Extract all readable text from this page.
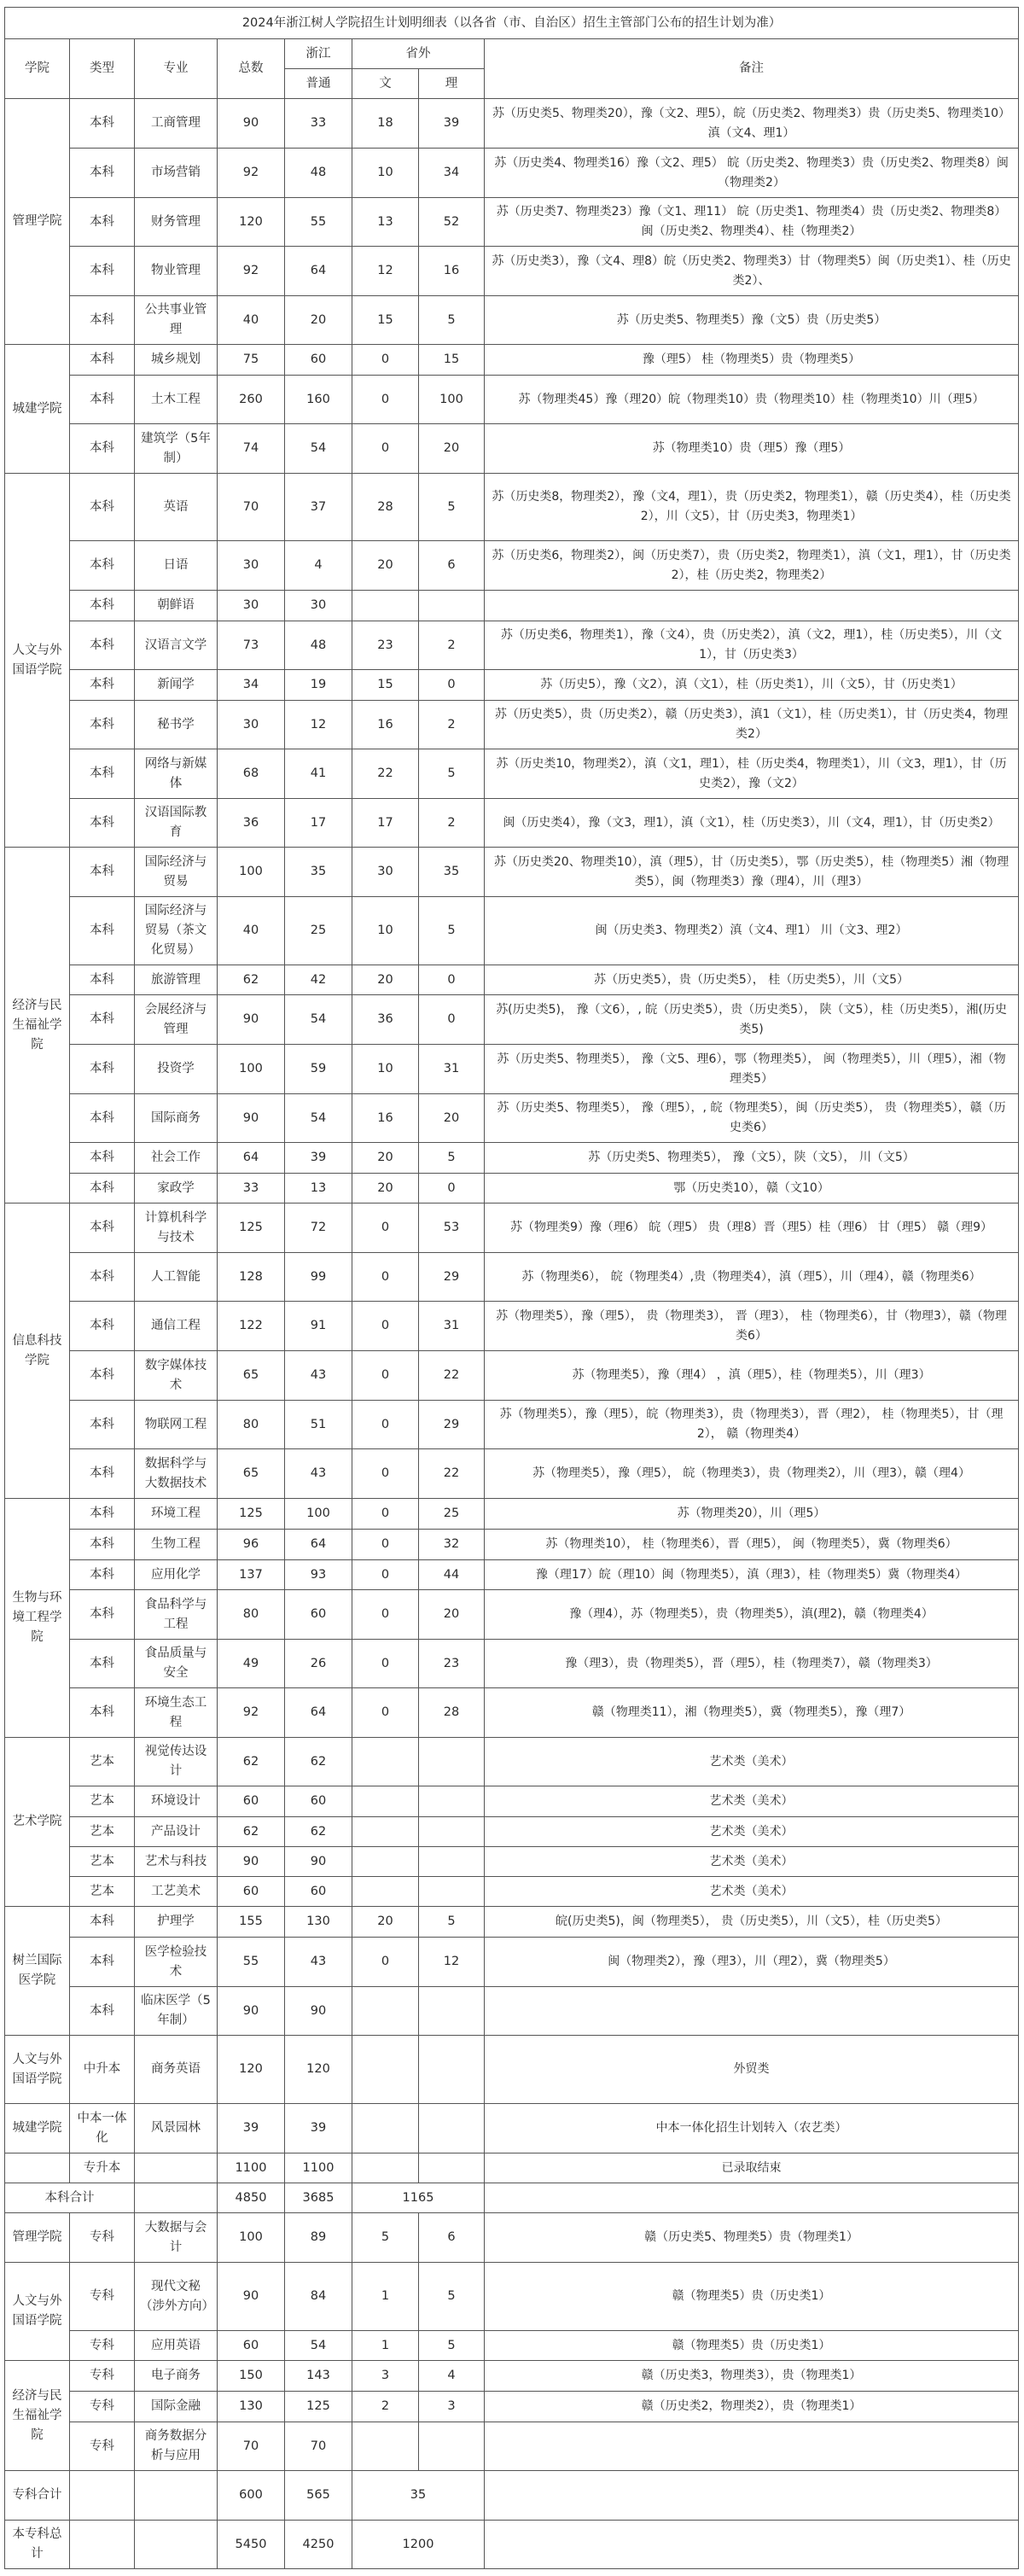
2024年浙江树人学院招生计划明细表（以各省（市、自治区）招生主管部门公布的招生计划为准）							
学院	类型	专业	总数	浙江	省外		备注
				普通	文	理	
管理学院	本科	工商管理	90	33	18	39	苏（历史类5、物理类20），豫（文2、理5），皖（历史类2、物理类3）贵（历史类5、物理类10）滇（文4、理1）
	本科	市场营销	92	48	10	34	苏（历史类4、物理类16）豫（文2、理5） 皖（历史类2、物理类3）贵（历史类2、物理类8）闽（物理类2）
	本科	财务管理	120	55	13	52	苏（历史类7、物理类23）豫（文1、理11） 皖（历史类1、物理类4）贵（历史类2、物理类8）闽（历史类2、物理类4）、桂（物理类2）
	本科	物业管理	92	64	12	16	苏（历史类3），豫（文4、理8）皖（历史类2、物理类3）甘（物理类5）闽（历史类1）、桂（历史类2）、
	本科	公共事业管理	40	20	15	5	苏（历史类5、物理类5）豫（文5）贵（历史类5）
城建学院	本科	城乡规划	75	60	0	15	豫（理5） 桂（物理类5）贵（物理类5）
	本科	土木工程	260	160	0	100	苏（物理类45）豫（理20）皖（物理类10）贵（物理类10）桂（物理类10）川（理5）
	本科	建筑学（5年制）	74	54	0	20	苏（物理类10）贵（理5）豫（理5）
人文与外国语学院	本科	英语	70	37	28	5	苏（历史类8，物理类2），豫（文4，理1），贵（历史类2，物理类1），赣（历史类4），桂（历史类2），川（文5），甘（历史类3，物理类1）
	本科	日语	30	4	20	6	苏（历史类6，物理类2），闽（历史类7），贵（历史类2，物理类1），滇（文1，理1），甘（历史类2），桂（历史类2，物理类2）
	本科	朝鲜语	30	30			
	本科	汉语言文学	73	48	23	2	苏（历史类6，物理类1），豫（文4），贵（历史类2），滇（文2，理1），桂（历史类5），川（文1），甘（历史类3）
	本科	新闻学	34	19	15	0	苏（历史5），豫（文2），滇（文1），桂（历史类1），川（文5），甘（历史类1）
	本科	秘书学	30	12	16	2	苏（历史类5），贵（历史类2），赣（历史类3），滇1（文1），桂（历史类1），甘（历史类4，物理类2）
	本科	网络与新媒体	68	41	22	5	苏（历史类10，物理类2），滇（文1，理1），桂（历史类4，物理类1），川（文3，理1），甘（历史类2），豫（文2）
	本科	汉语国际教育	36	17	17	2	闽（历史类4），豫（文3，理1），滇（文1），桂（历史类3），川（文4，理1），甘（历史类2）
经济与民生福祉学院	本科	国际经济与贸易	100	35	30	35	苏（历史类20、物理类10），滇（理5），甘（历史类5），鄂（历史类5），桂（物理类5）湘（物理类5），闽（物理类3）豫（理4），川（理3）
	本科	国际经济与贸易（茶文化贸易）	40	25	10	5	闽（历史类3、物理类2）滇（文4、理1） 川（文3、理2）
	本科	旅游管理	62	42	20	0	苏（历史类5），贵（历史类5）， 桂（历史类5），川（文5）
	本科	会展经济与管理	90	54	36	0	苏(历史类5)， 豫（文6），, 皖（历史类5），贵（历史类5）， 陕（文5），桂（历史类5），湘(历史类5)
	本科	投资学	100	59	10	31	苏（历史类5、物理类5）， 豫（文5、理6），鄂（物理类5）， 闽（物理类5），川（理5），湘（物理类5）
	本科	国际商务	90	54	16	20	苏（历史类5、物理类5）， 豫（理5），, 皖（物理类5），闽（历史类5）， 贵（物理类5），赣（历史类6）
	本科	社会工作	64	39	20	5	苏（历史类5、物理类5）， 豫（文5），陕（文5）， 川（文5）
	本科	家政学	33	13	20	0	鄂（历史类10），赣（文10）
信息科技学院	本科	计算机科学与技术	125	72	0	53	苏（物理类9）豫（理6） 皖（理5） 贵（理8）晋（理5）桂（理6） 甘（理5） 赣（理9）
	本科	人工智能	128	99	0	29	苏（物理类6）， 皖（物理类4）,贵（物理类4），滇（理5），川（理4），赣（物理类6）
	本科	通信工程	122	91	0	31	苏（物理类5），豫（理5）， 贵（物理类3）， 晋（理3）， 桂（物理类6），甘（物理3），赣（物理类6）
	本科	数字媒体技术	65	43	0	22	苏（物理类5），豫（理4） ，滇（理5），桂（物理类5），川（理3）
	本科	物联网工程	80	51	0	29	苏（物理类5），豫（理5），皖（物理类3），贵（物理类3），晋（理2）， 桂（物理类5），甘（理2）， 赣（物理类4）
	本科	数据科学与大数据技术	65	43	0	22	苏（物理类5），豫（理5）， 皖（物理类3），贵（物理类2），川（理3），赣（理4）
生物与环境工程学院	本科	环境工程	125	100	0	25	苏（物理类20），川（理5）
	本科	生物工程	96	64	0	32	苏（物理类10）， 桂（物理类6），晋（理5）， 闽（物理类5），冀（物理类6）
	本科	应用化学	137	93	0	44	豫（理17）皖（理10）闽（物理类5），滇（理3），桂（物理类5）冀（物理类4）
	本科	食品科学与工程	80	60	0	20	豫（理4），苏（物理类5），贵（物理类5），滇(理2)，赣（物理类4）
	本科	食品质量与安全	49	26	0	23	豫（理3），贵（物理类5），晋（理5），桂（物理类7），赣（物理类3）
	本科	环境生态工程	92	64	0	28	赣（物理类11），湘（物理类5），冀（物理类5），豫（理7）
艺术学院	艺本	视觉传达设计	62	62			艺术类（美术）
	艺本	环境设计	60	60			艺术类（美术）
	艺本	产品设计	62	62			艺术类（美术）
	艺本	艺术与科技	90	90			艺术类（美术）
	艺本	工艺美术	60	60			艺术类（美术）
树兰国际医学院	本科	护理学	155	130	20	5	皖(历史类5)，闽（物理类5）， 贵（历史类5），川（文5），桂（历史类5）
	本科	医学检验技术	55	43	0	12	闽（物理类2），豫（理3），川（理2），冀（物理类5）
	本科	临床医学（5年制）	90	90			
人文与外国语学院	中升本	商务英语	120	120			外贸类
城建学院	中本一体化	风景园林	39	39			中本一体化招生计划转入（农艺类）
	专升本		1100	1100			已录取结束
本科合计			4850	3685	1165		
管理学院	专科	大数据与会计	100	89	5	6	赣（历史类5、物理类5）贵（物理类1）
人文与外国语学院	专科	现代文秘（涉外方向）	90	84	1	5	赣（物理类5）贵（历史类1）
	专科	应用英语	60	54	1	5	赣（物理类5）贵（历史类1）
经济与民生福祉学院	专科	电子商务	150	143	3	4	赣（历史类3，物理类3），贵（物理类1）
	专科	国际金融	130	125	2	3	赣（历史类2，物理类2），贵（物理类1）
	专科	商务数据分析与应用	70	70			
专科合计			600	565	35		
本专科总计			5450	4250	1200		
